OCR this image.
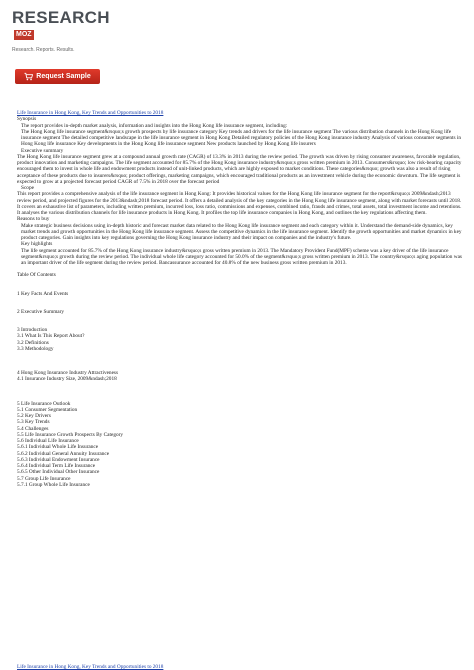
RESEARCHMOZ
Research. Reports. Results.
Request Sample

Life Insurance in Hong Kong, Key Trends and Opportunities to 2018

Synopsis

The report provides in-depth market analysis, information and insights into the Hong Kong life insurance segment, including:

The Hong Kong life insurance segment&rsquo;s growth prospects by life insurance category Key trends and drivers for the life insurance segment The various distribution channels in the Hong Kong life insurance segment The detailed competitive landscape in the life insurance segment in Hong Kong Detailed regulatory policies of the Hong Kong insurance industry Analysis of various consumer segments in Hong Kong life insurance Key developments in the Hong Kong life insurance segment New products launched by Hong Kong life insurers

Executive summary

The Hong Kong life insurance segment grew at a compound annual growth rate (CAGR) of 13.3% in 2013 during the review period. The growth was driven by rising consumer awareness, favorable regulation, product innovation and marketing campaigns. The life segment accounted for 85.7% of the Hong Kong insurance industry&rsquo;s gross written premium in 2013. Consumers&rsquo; low risk-bearing capacity encouraged them to invest in whole life and endowment products instead of unit-linked products, which are highly exposed to market conditions. These categories&rsquo; growth was also a result of rising acceptance of these products due to insurers&rsquo; product offerings, marketing campaigns, which encouraged traditional products as an investment vehicle during the economic downturn. The life segment is expected to grow at a projected forecast period CAGR of 7.5% in 2018 over the forecast period

Scope

This report provides a comprehensive analysis of the life insurance segment in Hong Kong: It provides historical values for the Hong Kong life insurance segment for the report&rsquo;s 2009&ndash;2013 review period, and projected figures for the 2013&ndash;2018 forecast period. It offers a detailed analysis of the key categories in the Hong Kong life insurance segment, along with market forecasts until 2018. It covers an exhaustive list of parameters, including written premium, incurred loss, loss ratio, commissions and expenses, combined ratio, frauds and crimes, total assets, total investment income and retentions. It analyses the various distribution channels for life insurance products in Hong Kong. It profiles the top life insurance companies in Hong Kong, and outlines the key regulations affecting them.

Reasons to buy

Make strategic business decisions using in-depth historic and forecast market data related to the Hong Kong life insurance segment and each category within it. Understand the demand-side dynamics, key market trends and growth opportunities in the Hong Kong life insurance segment. Assess the competitive dynamics in the life insurance segment. Identify the growth opportunities and market dynamics in key product categories. Gain insights into key regulations governing the Hong Kong insurance industry and their impact on companies and the industry's future.

Key highlights

The life segment accounted for 85.7% of the Hong Kong insurance industry&rsquo;s gross written premium in 2013. The Mandatory Provident Fund(MPF) scheme was a key driver of the life insurance segment&rsquo;s growth during the review period. The individual whole life category accounted for 50.0% of the segment&rsquo;s gross written premium in 2013. The country&rsquo;s aging population was an important driver of the life segment during the review period. Bancassurance accounted for 40.8% of the new business gross written premium in 2013.

Table Of Contents

1 Key Facts And Events

2 Executive Summary

3 Introduction

3.1 What Is This Report About?

3.2 Definitions

3.3 Methodology

4 Hong Kong Insurance Industry Attractiveness

4.1 Insurance Industry Size, 2009&ndash;2018

5 Life Insurance Outlook

5.1 Consumer Segmentation

5.2 Key Drivers

5.3 Key Trends

5.4 Challenges

5.5 Life Insurance Growth Prospects By Category

5.6 Individual Life Insurance

5.6.1 Individual Whole Life Insurance

5.6.2 Individual General Annuity Insurance

5.6.3 Individual Endowment Insurance

5.6.4 Individual Term Life Insurance

5.6.5 Other Individual Other Insurance

5.7 Group Life Insurance

5.7.1 Group Whole Life Insurance

Life Insurance in Hong Kong, Key Trends and Opportunities to 2018
